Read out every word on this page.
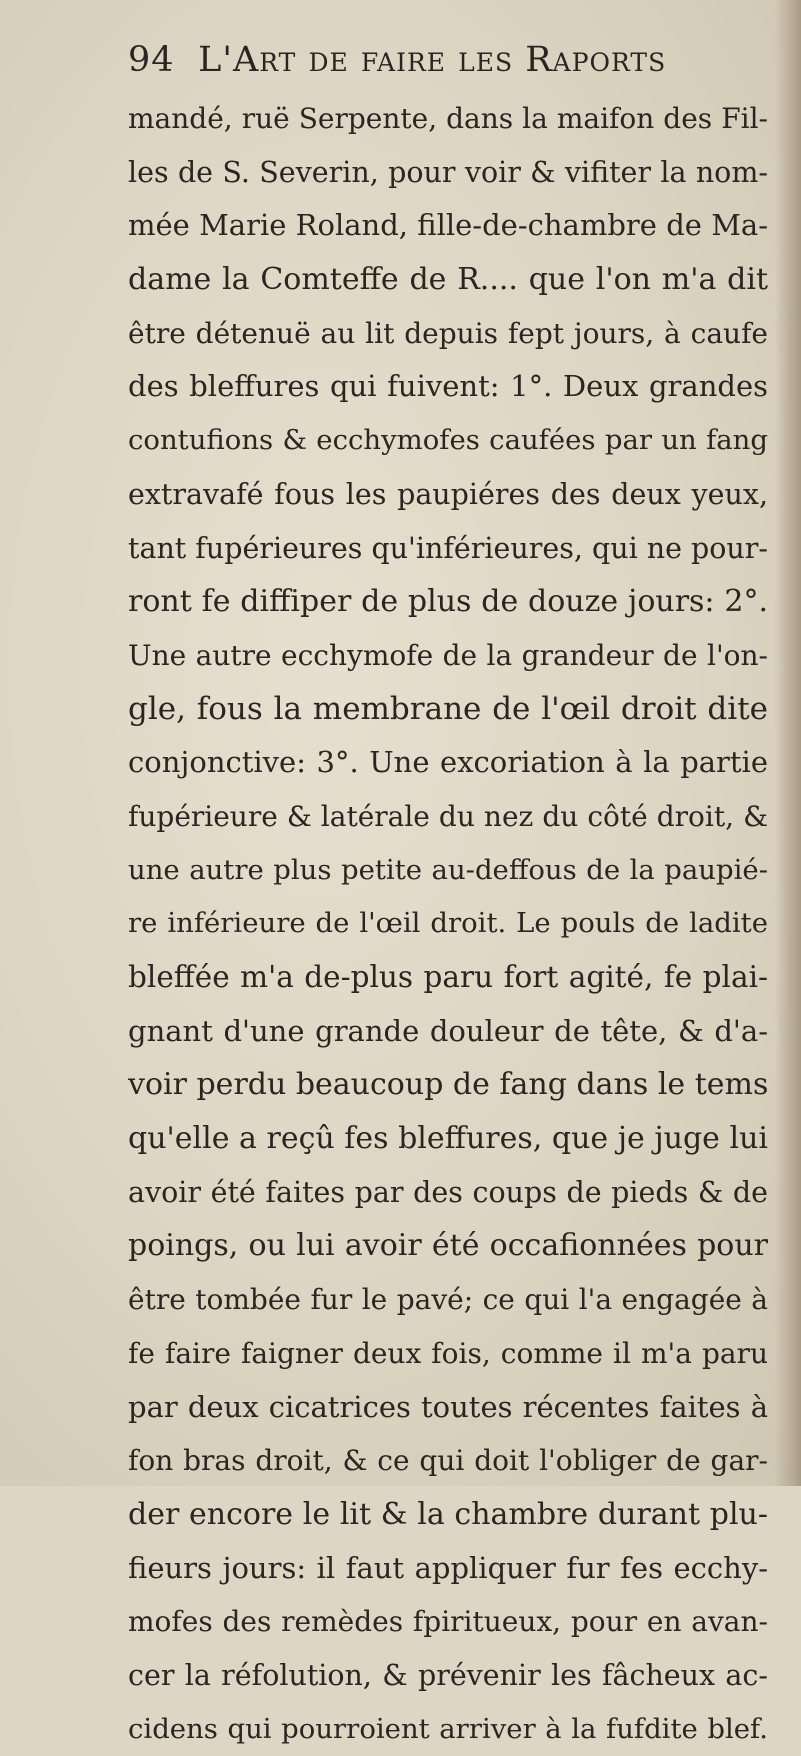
94 L'Art de faire les Raports
mandé, ruë Serpente, dans la maifon des Fil-
les de S. Severin, pour voir & vifiter la nom-
mée Marie Roland, fille-de-chambre de Ma-
dame la Comteffe de R.... que l'on m'a dit
être détenuë au lit depuis fept jours, à caufe
des bleffures qui fuivent: 1°. Deux grandes
contufions & ecchymofes caufées par un fang
extravafé fous les paupiéres des deux yeux,
tant fupérieures qu'inférieures, qui ne pour-
ront fe diffiper de plus de douze jours: 2°.
Une autre ecchymofe de la grandeur de l'on-
gle, fous la membrane de l'œil droit dite
conjonctive: 3°. Une excoriation à la partie
fupérieure & latérale du nez du côté droit, &
une autre plus petite au-deffous de la paupié-
re inférieure de l'œil droit. Le pouls de ladite
bleffée m'a de-plus paru fort agité, fe plai-
gnant d'une grande douleur de tête, & d'a-
voir perdu beaucoup de fang dans le tems
qu'elle a reçû fes bleffures, que je juge lui
avoir été faites par des coups de pieds & de
poings, ou lui avoir été occafionnées pour
être tombée fur le pavé; ce qui l'a engagée à
fe faire faigner deux fois, comme il m'a paru
par deux cicatrices toutes récentes faites à
fon bras droit, & ce qui doit l'obliger de gar-
der encore le lit & la chambre durant plu-
fieurs jours: il faut appliquer fur fes ecchy-
mofes des remèdes fpiritueux, pour en avan-
cer la réfolution, & prévenir les fâcheux ac-
cidens qui pourroient arriver à la fufdite blef.
